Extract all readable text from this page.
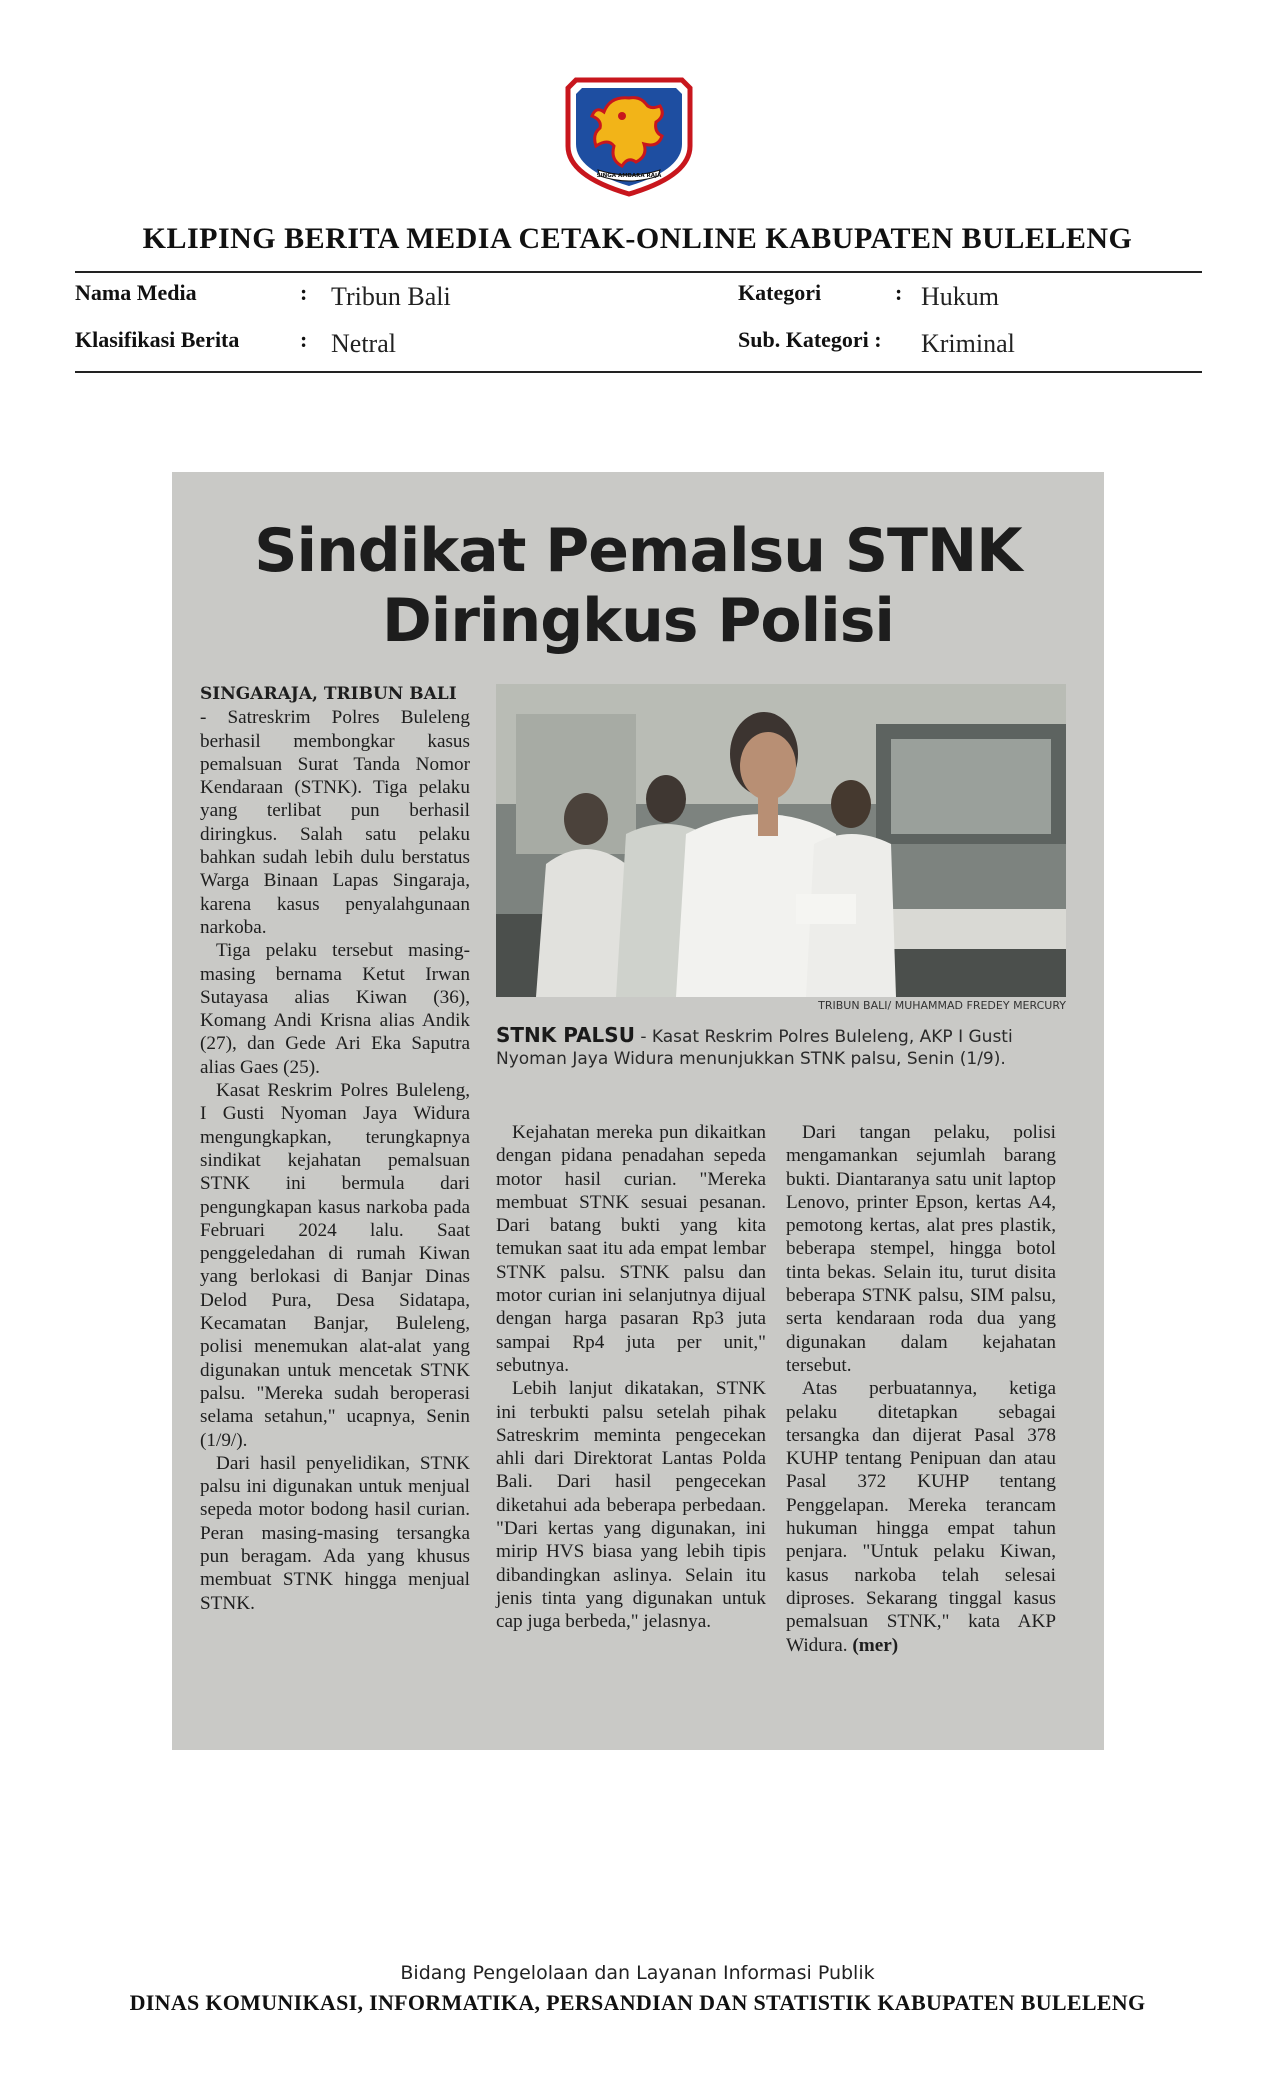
SINGA AMBARA RAJA
KLIPING BERITA MEDIA CETAK-ONLINE KABUPATEN BULELENG
Nama Media	: Tribun Bali
Klasifikasi Berita	: Netral
Kategori	: Hukum
Sub. Kategori : Kriminal
Sindikat Pemalsu STNK
Diringkus Polisi

SINGARAJA, TRIBUN BALI

- Satreskrim Polres Buleleng berhasil membongkar kasus pemalsuan Surat Tanda Nomor Kendaraan (STNK). Tiga pelaku yang terlibat pun berhasil diringkus. Salah satu pelaku bahkan sudah lebih dulu berstatus Warga Binaan Lapas Singaraja, karena kasus penyalahgunaan narkoba.

Tiga pelaku tersebut masing-masing bernama Ketut Irwan Sutayasa alias Kiwan (36), Komang Andi Krisna alias Andik (27), dan Gede Ari Eka Saputra alias Gaes (25).

Kasat Reskrim Polres Buleleng, I Gusti Nyoman Jaya Widura mengungkapkan, terungkapnya sindikat kejahatan pemalsuan STNK ini bermula dari pengungkapan kasus narkoba pada Februari 2024 lalu. Saat penggeledahan di rumah Kiwan yang berlokasi di Banjar Dinas Delod Pura, Desa Sidatapa, Kecamatan Banjar, Buleleng, polisi menemukan alat-alat yang digunakan untuk mencetak STNK palsu. "Mereka sudah beroperasi selama setahun," ucapnya, Senin (1/9/).

Dari hasil penyelidikan, STNK palsu ini digunakan untuk menjual sepeda motor bodong hasil curian. Peran masing-masing tersangka pun beragam. Ada yang khusus membuat STNK hingga menjual STNK.

TRIBUN BALI/ MUHAMMAD FREDEY MERCURY
STNK PALSU - Kasat Reskrim Polres Buleleng, AKP I Gusti Nyoman Jaya Widura menunjukkan STNK palsu, Senin (1/9).

Kejahatan mereka pun dikaitkan dengan pidana penadahan sepeda motor hasil curian. "Mereka membuat STNK sesuai pesanan. Dari batang bukti yang kita temukan saat itu ada empat lembar STNK palsu. STNK palsu dan motor curian ini selanjutnya dijual dengan harga pasaran Rp3 juta sampai Rp4 juta per unit," sebutnya.

Lebih lanjut dikatakan, STNK ini terbukti palsu setelah pihak Satreskrim meminta pengecekan ahli dari Direktorat Lantas Polda Bali. Dari hasil pengecekan diketahui ada beberapa perbedaan. "Dari kertas yang digunakan, ini mirip HVS biasa yang lebih tipis dibandingkan aslinya. Selain itu jenis tinta yang digunakan untuk cap juga berbeda," jelasnya.

Dari tangan pelaku, polisi mengamankan sejumlah barang bukti. Diantaranya satu unit laptop Lenovo, printer Epson, kertas A4, pemotong kertas, alat pres plastik, beberapa stempel, hingga botol tinta bekas. Selain itu, turut disita beberapa STNK palsu, SIM palsu, serta kendaraan roda dua yang digunakan dalam kejahatan tersebut.

Atas perbuatannya, ketiga pelaku ditetapkan sebagai tersangka dan dijerat Pasal 378 KUHP tentang Penipuan dan atau Pasal 372 KUHP tentang Penggelapan. Mereka terancam hukuman hingga empat tahun penjara. "Untuk pelaku Kiwan, kasus narkoba telah selesai diproses. Sekarang tinggal kasus pemalsuan STNK," kata AKP Widura. (mer)

Bidang Pengelolaan dan Layanan Informasi Publik
DINAS KOMUNIKASI, INFORMATIKA, PERSANDIAN DAN STATISTIK KABUPATEN BULELENG
